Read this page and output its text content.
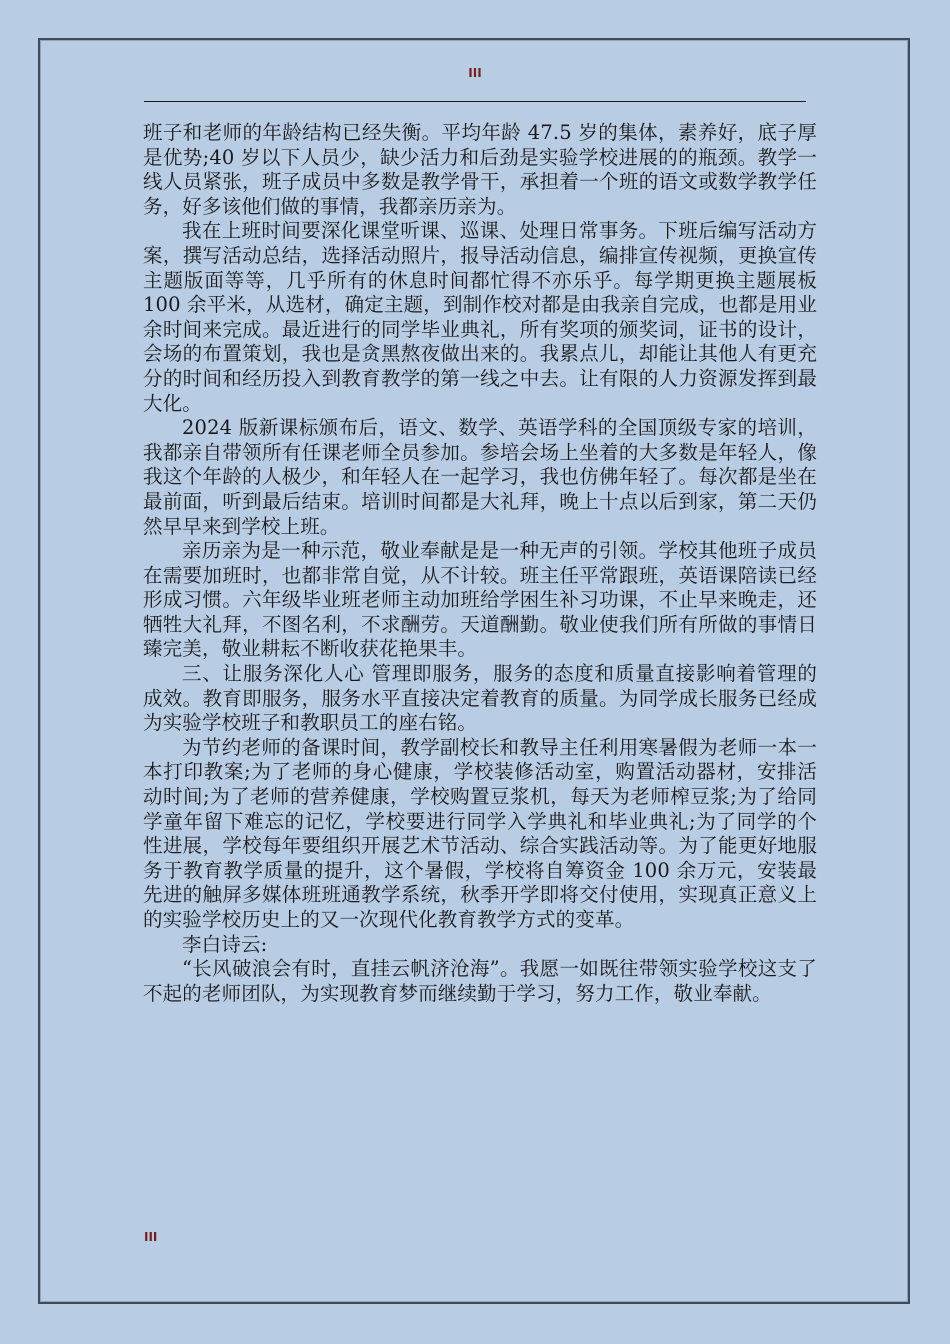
III

班子和老师的年龄结构已经失衡。平均年龄 47.5 岁的集体，素养好，底子厚是优势;40 岁以下人员少，缺少活力和后劲是实验学校进展的的瓶颈。教学一线人员紧张，班子成员中多数是教学骨干，承担着一个班的语文或数学教学任务，好多该他们做的事情，我都亲历亲为。

我在上班时间要深化课堂听课、巡课、处理日常事务。下班后编写活动方案，撰写活动总结，选择活动照片，报导活动信息，编排宣传视频，更换宣传主题版面等等，几乎所有的休息时间都忙得不亦乐乎。每学期更换主题展板 100 余平米，从选材，确定主题，到制作校对都是由我亲自完成，也都是用业余时间来完成。最近进行的同学毕业典礼，所有奖项的颁奖词，证书的设计，会场的布置策划，我也是贪黑熬夜做出来的。我累点儿，却能让其他人有更充分的时间和经历投入到教育教学的第一线之中去。让有限的人力资源发挥到最大化。

2024 版新课标颁布后，语文、数学、英语学科的全国顶级专家的培训，我都亲自带领所有任课老师全员参加。参培会场上坐着的大多数是年轻人，像我这个年龄的人极少，和年轻人在一起学习，我也仿佛年轻了。每次都是坐在最前面，听到最后结束。培训时间都是大礼拜，晚上十点以后到家，第二天仍然早早来到学校上班。

亲历亲为是一种示范，敬业奉献是是一种无声的引领。学校其他班子成员在需要加班时，也都非常自觉，从不计较。班主任平常跟班，英语课陪读已经形成习惯。六年级毕业班老师主动加班给学困生补习功课，不止早来晚走，还牺牲大礼拜，不图名利，不求酬劳。天道酬勤。敬业使我们所有所做的事情日臻完美，敬业耕耘不断收获花艳果丰。

三、让服务深化人心 管理即服务，服务的态度和质量直接影响着管理的成效。教育即服务，服务水平直接决定着教育的质量。为同学成长服务已经成为实验学校班子和教职员工的座右铭。

为节约老师的备课时间，教学副校长和教导主任利用寒暑假为老师一本一本打印教案;为了老师的身心健康，学校装修活动室，购置活动器材，安排活动时间;为了老师的营养健康，学校购置豆浆机，每天为老师榨豆浆;为了给同学童年留下难忘的记忆，学校要进行同学入学典礼和毕业典礼;为了同学的个性进展，学校每年要组织开展艺术节活动、综合实践活动等。为了能更好地服务于教育教学质量的提升，这个暑假，学校将自筹资金 100 余万元，安装最先进的触屏多媒体班班通教学系统，秋季开学即将交付使用，实现真正意义上的实验学校历史上的又一次现代化教育教学方式的变革。

李白诗云:

“长风破浪会有时，直挂云帆济沧海”。我愿一如既往带领实验学校这支了不起的老师团队，为实现教育梦而继续勤于学习，努力工作，敬业奉献。

III
